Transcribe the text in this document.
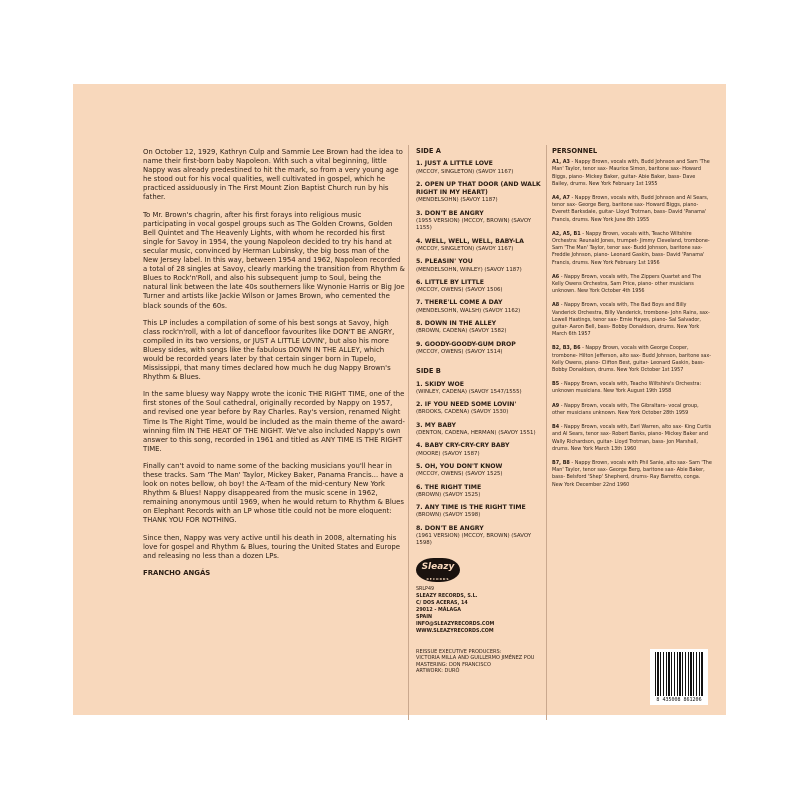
On October 12, 1929, Kathryn Culp and Sammie Lee Brown had the idea to name their first-born baby Napoleon. With such a vital beginning, little Nappy was already predestined to hit the mark, so from a very young age he stood out for his vocal qualities, well cultivated in gospel, which he practiced assiduously in The First Mount Zion Baptist Church run by his father.

To Mr. Brown's chagrin, after his first forays into religious music participating in vocal gospel groups such as The Golden Crowns, Golden Bell Quintet and The Heavenly Lights, with whom he recorded his first single for Savoy in 1954, the young Napoleon decided to try his hand at secular music, convinced by Herman Lubinsky, the big boss man of the New Jersey label. In this way, between 1954 and 1962, Napoleon recorded a total of 28 singles at Savoy, clearly marking the transition from Rhythm & Blues to Rock'n'Roll, and also his subsequent jump to Soul, being the natural link between the late 40s southerners like Wynonie Harris or Big Joe Turner and artists like Jackie Wilson or James Brown, who cemented the black sounds of the 60s.

This LP includes a compilation of some of his best songs at Savoy, high class rock'n'roll, with a lot of dancefloor favourites like DON'T BE ANGRY, compiled in its two versions, or JUST A LITTLE LOVIN', but also his more Bluesy sides, with songs like the fabulous DOWN IN THE ALLEY, which would be recorded years later by that certain singer born in Tupelo, Mississippi, that many times declared how much he dug Nappy Brown's Rhythm & Blues.

In the same bluesy way Nappy wrote the iconic THE RIGHT TIME, one of the first stones of the Soul cathedral, originally recorded by Nappy on 1957, and revised one year before by Ray Charles. Ray's version, renamed Night Time Is The Right Time, would be included as the main theme of the award-winning film IN THE HEAT OF THE NIGHT. We've also included Nappy's own answer to this song, recorded in 1961 and titled as ANY TIME IS THE RIGHT TIME.

Finally can't avoid to name some of the backing musicians you'll hear in these tracks. Sam 'The Man' Taylor, Mickey Baker, Panama Francis... have a look on notes bellow, oh boy! the A-Team of the mid-century New York Rhythm & Blues! Nappy disappeared from the music scene in 1962, remaining anonymous until 1969, when he would return to Rhythm & Blues on Elephant Records with an LP whose title could not be more eloquent: THANK YOU FOR NOTHING.

Since then, Nappy was very active until his death in 2008, alternating his love for gospel and Rhythm & Blues, touring the United States and Europe and releasing no less than a dozen LPs.

FRANCHO ANGÁS

SIDE A
1. JUST A LITTLE LOVE
(MCCOY, SINGLETON) (SAVOY 1167)
2. OPEN UP THAT DOOR (AND WALK RIGHT IN MY HEART)
(MENDELSOHN) (SAVOY 1187)
3. DON'T BE ANGRY
(1955 VERSION) (MCCOY, BROWN) (SAVOY 1155)
4. WELL, WELL, WELL, BABY-LA
(MCCOY, SINGLETON) (SAVOY 1167)
5. PLEASIN' YOU
(MENDELSOHN, WINLEY) (SAVOY 1187)
6. LITTLE BY LITTLE
(MCCOY, OWENS) (SAVOY 1506)
7. THERE'LL COME A DAY
(MENDELSOHN, WALSH) (SAVOY 1162)
8. DOWN IN THE ALLEY
(BROWN, CADENA) (SAVOY 1582)
9. GOODY-GOODY-GUM DROP
(MCCOY, OWENS) (SAVOY 1514)
SIDE B
1. SKIDY WOE
(WINLEY, CADENA) (SAVOY 1547/1555)
2. IF YOU NEED SOME LOVIN'
(BROOKS, CADENA) (SAVOY 1530)
3. MY BABY
(DENTON, CADENA, HERMAN) (SAVOY 1551)
4. BABY CRY-CRY-CRY BABY
(MOORE) (SAVOY 1587)
5. OH, YOU DON'T KNOW
(MCCOY, OWENS) (SAVOY 1525)
6. THE RIGHT TIME
(BROWN) (SAVOY 1525)
7. ANY TIME IS THE RIGHT TIME
(BROWN) (SAVOY 1598)
8. DON'T BE ANGRY
(1961 VERSION) (MCCOY, BROWN) (SAVOY 1598)
Sleazy
RECORDS
SRLP49
SLEAZY RECORDS, S.L.
C/ DOS ACERAS, 14
29012 - MÁLAGA
SPAIN
INFO@SLEAZYRECORDS.COM
WWW.SLEAZYRECORDS.COM
REISSUE EXECUTIVE PRODUCERS:
VICTORIA MILLA AND GUILLERMO JIMÉNEZ POU
MASTERING: DON FRANCISCO
ARTWORK: DURÓ
PERSONNEL
A1, A3 - Nappy Brown, vocals with, Budd Johnson and Sam 'The Man' Taylor, tenor sax- Maurice Simon, baritone sax- Howard Biggs, piano- Mickey Baker, guitar- Abie Baker, bass- Dave Bailey, drums. New York February 1st 1955
A4, A7 - Nappy Brown, vocals with, Budd Johnson and Al Sears, tenor sax- George Berg, baritone sax- Howard Biggs, piano- Everett Barksdale, guitar- Lloyd Trotman, bass- David 'Panama' Francis, drums. New York June 8th 1955
A2, A5, B1 - Nappy Brown, vocals with, Teacho Wiltshire Orchestra: Reunald Jones, trumpet- Jimmy Cleveland, trombone- Sam 'The Man' Taylor, tenor sax- Budd Johnson, baritone sax- Freddie Johnson, piano- Leonard Gaskin, bass- David 'Panama' Francis, drums. New York February 1st 1956
A6 - Nappy Brown, vocals with, The Zippers Quartet and The Kelly Owens Orchestra, Sam Price, piano- other musicians unknown. New York October 4th 1956
A8 - Nappy Brown, vocals with, The Bad Boys and Billy Vanderick Orchestra, Billy Vanderick, trombone- John Rains, sax- Lowell Hastings, tenor sax- Ernie Hayes, piano- Sal Salvador, guitar- Aaron Bell, bass- Bobby Donaldson, drums. New York March 6th 1957
B2, B3, B6 - Nappy Brown, vocals with George Cooper, trombone- Hilton Jefferson, alto sax- Budd Johnson, baritone sax- Kelly Owens, piano- Clifton Best, guitar- Leonard Gaskin, bass- Bobby Donaldson, drums. New York October 1st 1957
B5 - Nappy Brown, vocals with, Teacho Wiltshire's Orchestra: unknown musicians. New York August 19th 1958
A9 - Nappy Brown, vocals with, The Gibraltars- vocal group, other musicians unknown. New York October 28th 1959
B4 - Nappy Brown, vocals with, Earl Warren, alto sax- King Curtis and Al Sears, tenor sax- Robert Banks, piano- Mickey Baker and Wally Richardson, guitar- Lloyd Trotman, bass- Jon Marshall, drums. New York March 13th 1960
B7, B8 - Nappy Brown, vocals with Phil Sanie, alto sax- Sam 'The Man' Taylor, tenor sax- George Berg, baritone sax- Abie Baker, bass- Belsford 'Shep' Shepherd, drums- Ray Barretto, conga. New York December 22nd 1960
8 435008 861206
